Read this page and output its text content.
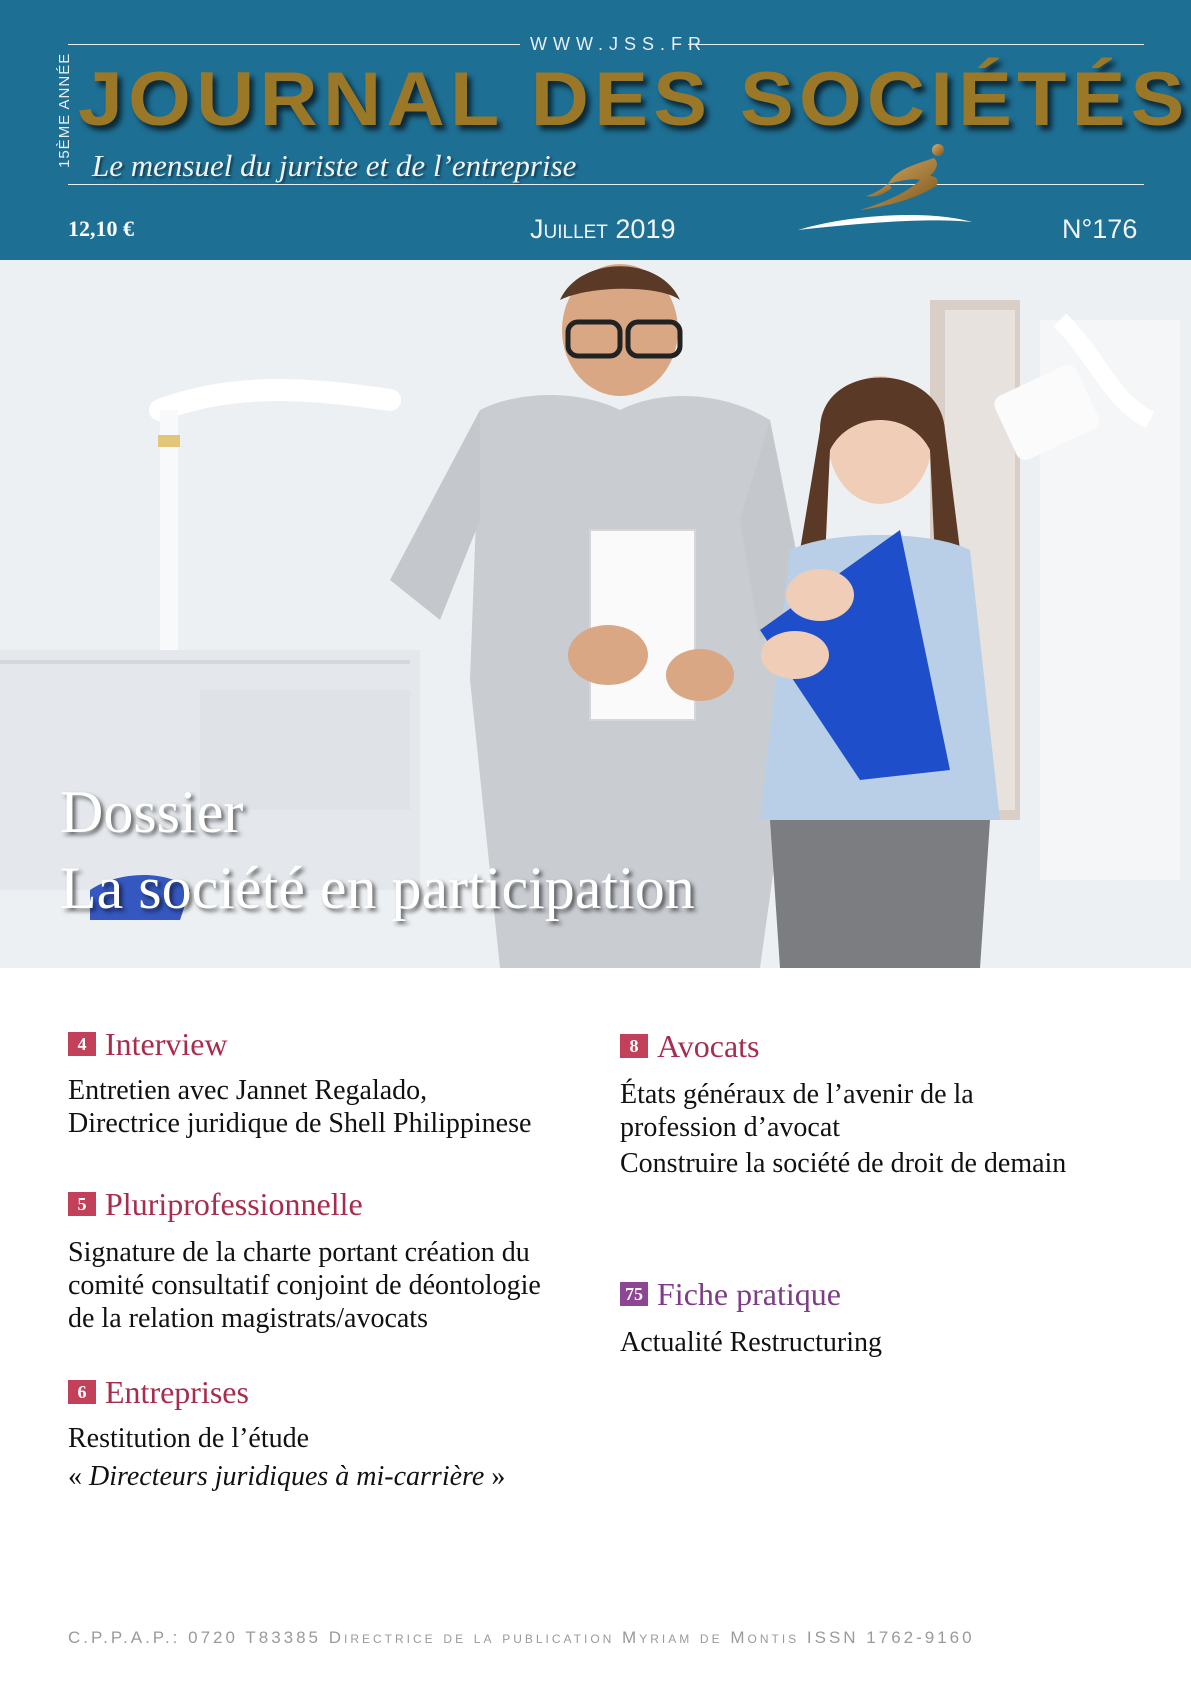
WWW.JSS.FR
15ÈME ANNÉE JOURNAL DES SOCIÉTÉS
Le mensuel du juriste et de l’entreprise
12,10 €	Juillet 2019	N°176
Dossier
La société en participation
4 Interview
Entretien avec Jannet Regalado,
Directrice juridique de Shell Philippinese
5 Pluriprofessionnelle
Signature de la charte portant création du
comité consultatif conjoint de déontologie
de la relation magistrats/avocats
6 Entreprises
Restitution de l’étude
« Directeurs juridiques à mi-carrière »
8 Avocats
États généraux de l’avenir de la
profession d’avocat
Construire la société de droit de demain
75 Fiche pratique
Actualité Restructuring
C.P.P.A.P.: 0720 T83385 Directrice de la publication Myriam de Montis ISSN 1762-9160
